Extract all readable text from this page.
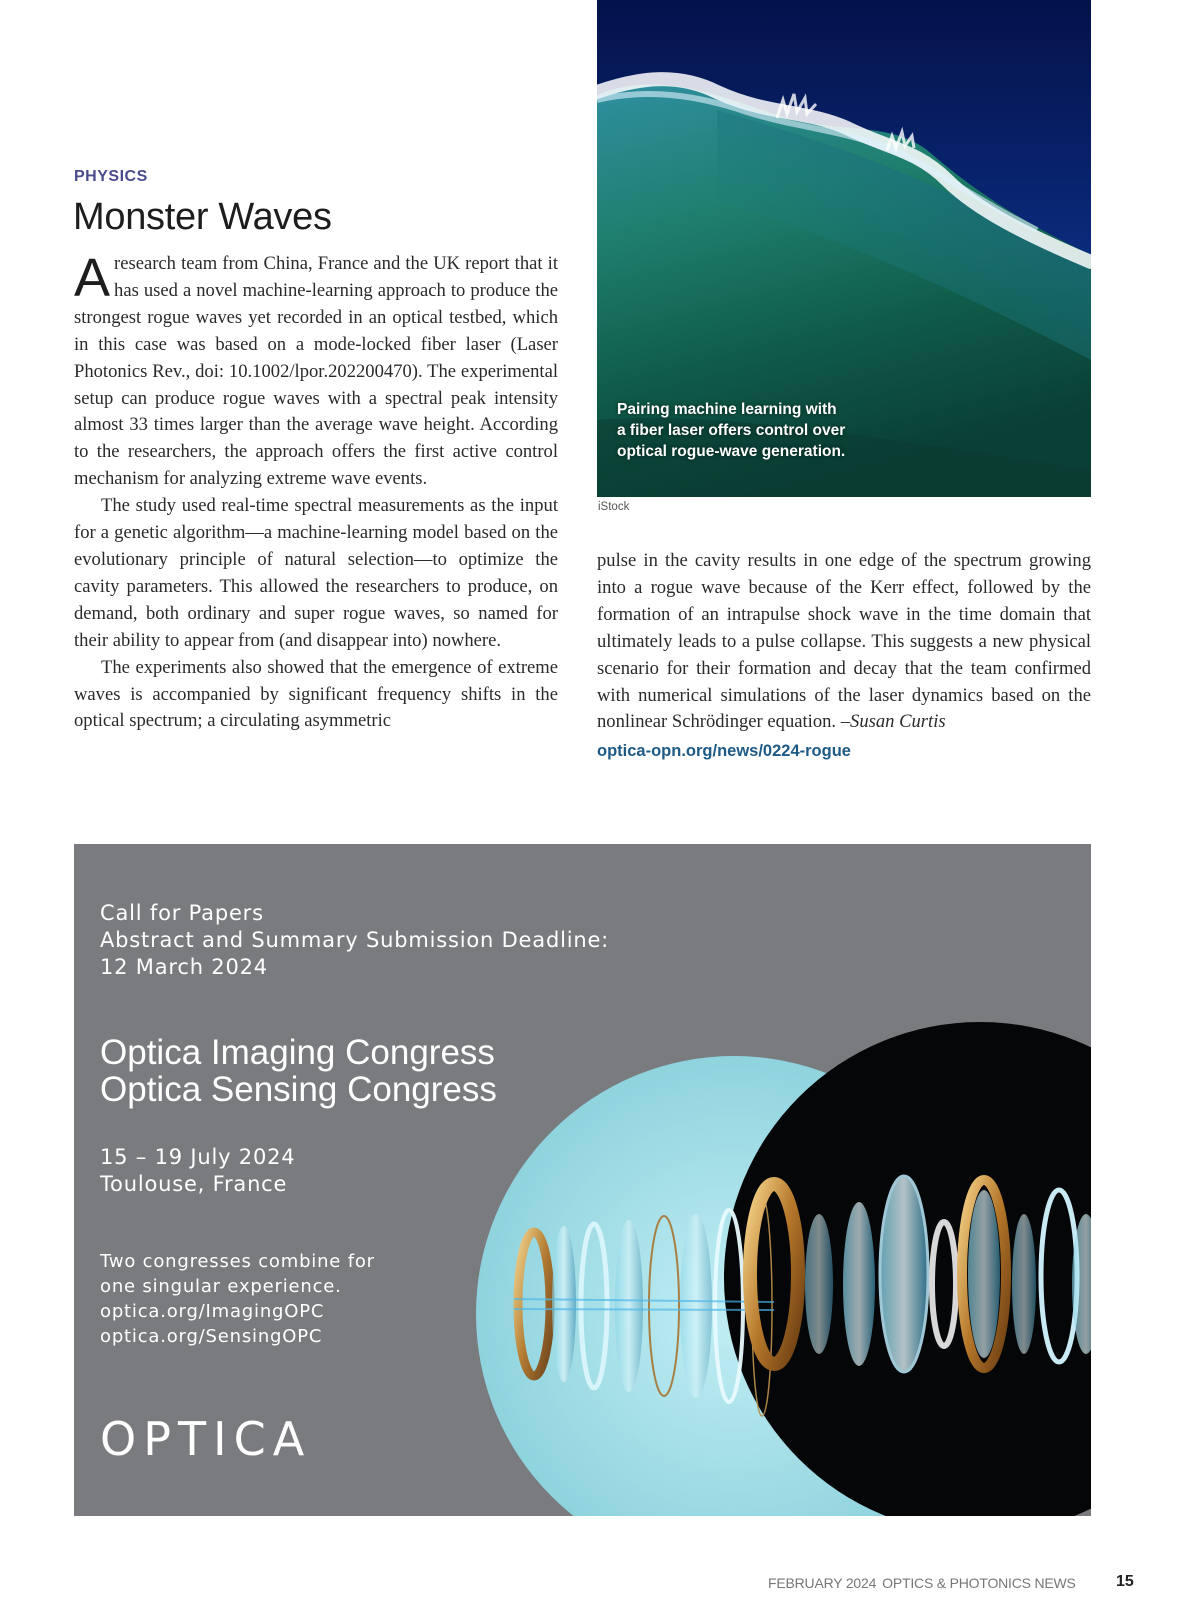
PHYSICS
Monster Waves

A research team from China, France and the UK report that it has used a novel machine-learning approach to produce the strongest rogue waves yet recorded in an optical testbed, which in this case was based on a mode-locked fiber laser (Laser Photonics Rev., doi: 10.1002/lpor.202200470). The experimental setup can produce rogue waves with a spectral peak intensity almost 33 times larger than the average wave height. According to the researchers, the approach offers the first active control mechanism for analyzing extreme wave events.

The study used real-time spectral measurements as the input for a genetic algorithm—a machine-learning model based on the evolutionary principle of natural selection—to optimize the cavity parameters. This allowed the researchers to produce, on demand, both ordinary and super rogue waves, so named for their ability to appear from (and disappear into) nowhere.

The experiments also showed that the emergence of extreme waves is accompanied by significant frequency shifts in the optical spectrum; a circulating asymmetric

pulse in the cavity results in one edge of the spectrum growing into a rogue wave because of the Kerr effect, followed by the formation of an intrapulse shock wave in the time domain that ultimately leads to a pulse collapse. This suggests a new physical scenario for their formation and decay that the team confirmed with numerical simulations of the laser dynamics based on the nonlinear Schrödinger equation. –Susan Curtis

optica-opn.org/news/0224-rogue
Pairing machine learning with a fiber laser offers control over optical rogue-wave generation.
iStock
Call for Papers
Abstract and Summary Submission Deadline:
12 March 2024
Optica Imaging Congress
Optica Sensing Congress
15 – 19 July 2024
Toulouse, France
Two congresses combine for
one singular experience.
optica.org/ImagingOPC
optica.org/SensingOPC
OPTICA
FEBRUARY 2024 OPTICS & PHOTONICS NEWS	15
